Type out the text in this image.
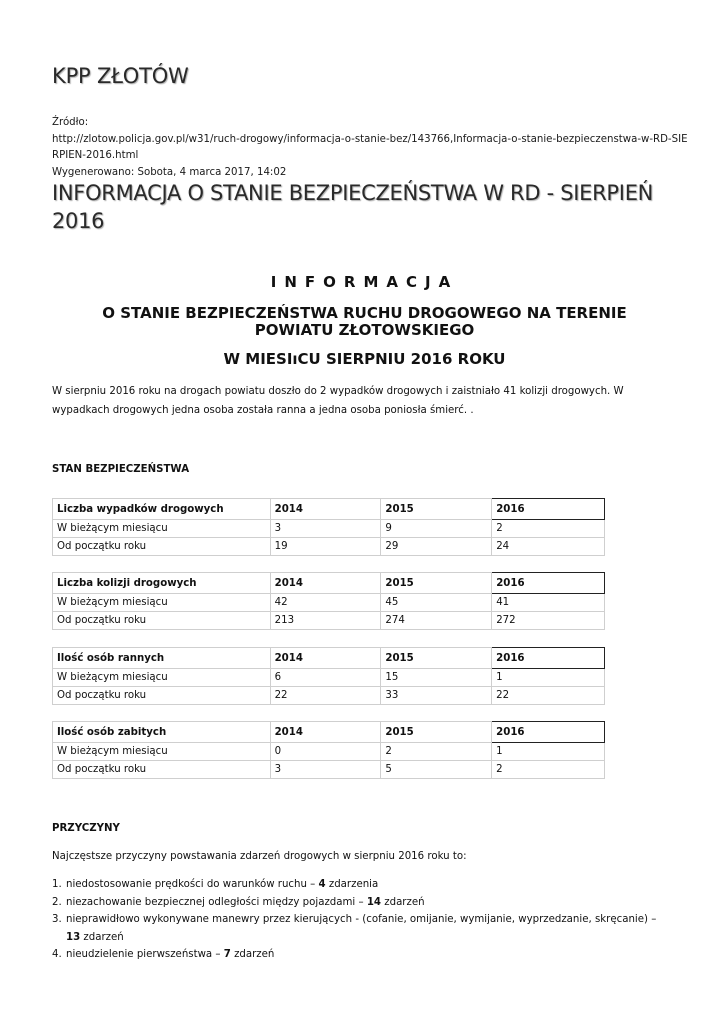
KPP ZŁOTÓW
Źródło:
http://zlotow.policja.gov.pl/w31/ruch-drogowy/informacja-o-stanie-bez/143766,Informacja-o-stanie-bezpieczenstwa-w-RD-SIE
RPIEN-2016.html
Wygenerowano: Sobota, 4 marca 2017, 14:02
INFORMACJA O STANIE BEZPIECZEŃSTWA W RD - SIERPIEŃ 2016
INFORMACJA
O STANIE BEZPIECZEŃSTWA RUCHU DROGOWEGO NA TERENIE
POWIATU ZŁOTOWSKIEGO
W MIESIıCU SIERPNIU 2016 ROKU

W sierpniu 2016 roku na drogach powiatu doszło do 2 wypadków drogowych i zaistniało 41 kolizji drogowych. W wypadkach drogowych jedna osoba została ranna a jedna osoba poniosła śmierć. .

STAN BEZPIECZEŃSTWA

Liczba wypadków drogowych	2014	2015	2016
W bieżącym miesiącu	3	9	2
Od początku roku	19	29	24
Liczba kolizji drogowych	2014	2015	2016
W bieżącym miesiącu	42	45	41
Od początku roku	213	274	272
Ilość osób rannych	2014	2015	2016
W bieżącym miesiącu	6	15	1
Od początku roku	22	33	22
Ilość osób zabitych	2014	2015	2016
W bieżącym miesiącu	0	2	1
Od początku roku	3	5	2

PRZYCZYNY

Najczęstsze przyczyny powstawania zdarzeń drogowych w sierpniu 2016 roku to:

1. niedostosowanie prędkości do warunków ruchu – 4 zdarzenia
2. niezachowanie bezpiecznej odległości między pojazdami – 14 zdarzeń
3. nieprawidłowo wykonywane manewry przez kierujących - (cofanie, omijanie, wymijanie, wyprzedzanie, skręcanie) – 13 zdarzeń
4. nieudzielenie pierwszeństwa – 7 zdarzeń
